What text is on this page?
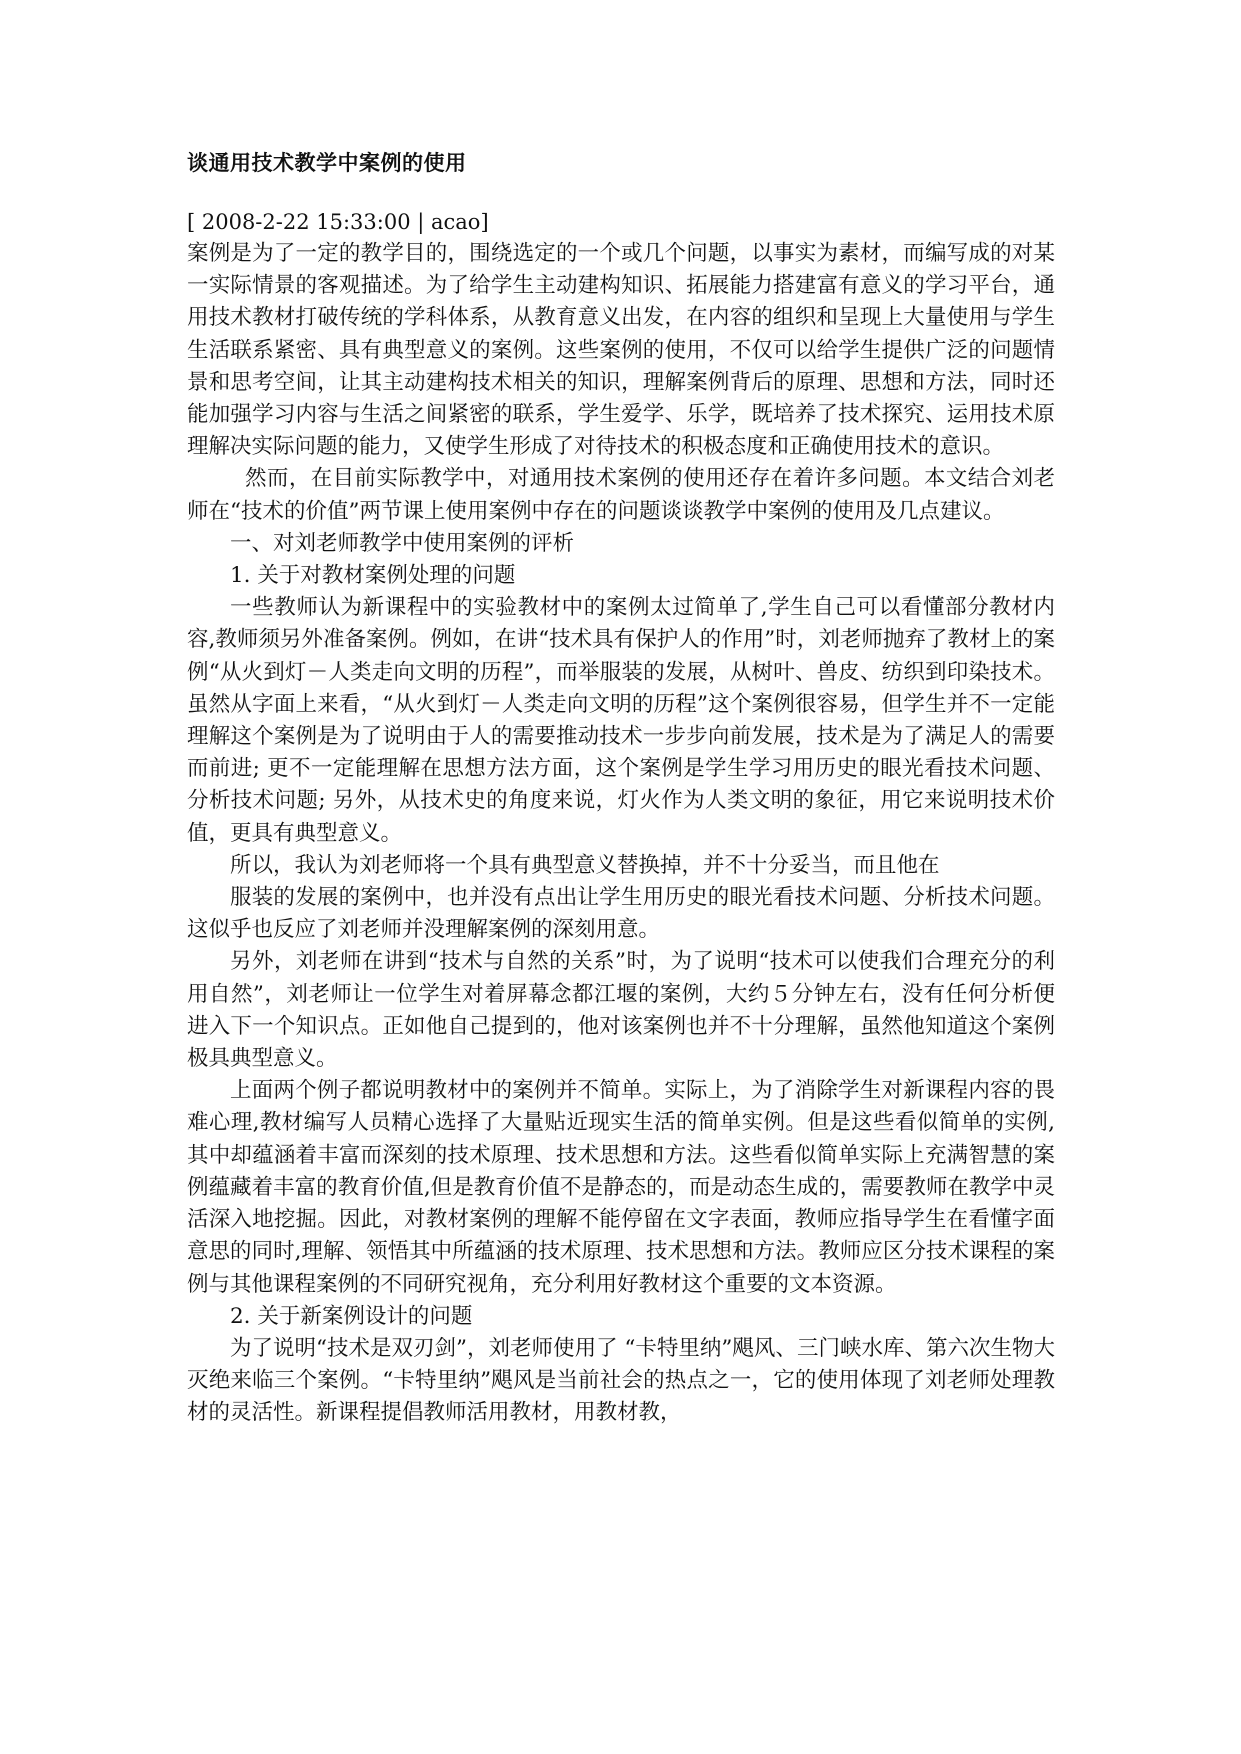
谈通用技术教学中案例的使用

[ 2008-2-22 15:33:00 | acao]

案例是为了一定的教学目的，围绕选定的一个或几个问题，以事实为素材，而编写成的对某一实际情景的客观描述。为了给学生主动建构知识、拓展能力搭建富有意义的学习平台，通用技术教材打破传统的学科体系，从教育意义出发，在内容的组织和呈现上大量使用与学生生活联系紧密、具有典型意义的案例。这些案例的使用，不仅可以给学生提供广泛的问题情景和思考空间，让其主动建构技术相关的知识，理解案例背后的原理、思想和方法，同时还能加强学习内容与生活之间紧密的联系，学生爱学、乐学，既培养了技术探究、运用技术原理解决实际问题的能力，又使学生形成了对待技术的积极态度和正确使用技术的意识。

然而，在目前实际教学中，对通用技术案例的使用还存在着许多问题。本文结合刘老师在“技术的价值”两节课上使用案例中存在的问题谈谈教学中案例的使用及几点建议。

一、对刘老师教学中使用案例的评析

1. 关于对教材案例处理的问题

一些教师认为新课程中的实验教材中的案例太过简单了,学生自己可以看懂部分教材内容,教师须另外准备案例。例如，在讲“技术具有保护人的作用”时，刘老师抛弃了教材上的案例“从火到灯－人类走向文明的历程”，而举服装的发展，从树叶、兽皮、纺织到印染技术。虽然从字面上来看，“从火到灯－人类走向文明的历程”这个案例很容易，但学生并不一定能理解这个案例是为了说明由于人的需要推动技术一步步向前发展，技术是为了满足人的需要而前进; 更不一定能理解在思想方法方面，这个案例是学生学习用历史的眼光看技术问题、分析技术问题; 另外，从技术史的角度来说，灯火作为人类文明的象征，用它来说明技术价值，更具有典型意义。

所以，我认为刘老师将一个具有典型意义替换掉，并不十分妥当，而且他在

服装的发展的案例中，也并没有点出让学生用历史的眼光看技术问题、分析技术问题。这似乎也反应了刘老师并没理解案例的深刻用意。

另外，刘老师在讲到“技术与自然的关系”时，为了说明“技术可以使我们合理充分的利用自然”，刘老师让一位学生对着屏幕念都江堰的案例，大约５分钟左右，没有任何分析便进入下一个知识点。正如他自己提到的，他对该案例也并不十分理解，虽然他知道这个案例极具典型意义。

上面两个例子都说明教材中的案例并不简单。实际上，为了消除学生对新课程内容的畏难心理,教材编写人员精心选择了大量贴近现实生活的简单实例。但是这些看似简单的实例,其中却蕴涵着丰富而深刻的技术原理、技术思想和方法。这些看似简单实际上充满智慧的案例蕴藏着丰富的教育价值,但是教育价值不是静态的，而是动态生成的，需要教师在教学中灵活深入地挖掘。因此，对教材案例的理解不能停留在文字表面，教师应指导学生在看懂字面意思的同时,理解、领悟其中所蕴涵的技术原理、技术思想和方法。教师应区分技术课程的案例与其他课程案例的不同研究视角，充分利用好教材这个重要的文本资源。

2. 关于新案例设计的问题

为了说明“技术是双刃剑”，刘老师使用了 “卡特里纳”飓风、三门峡水库、第六次生物大灭绝来临三个案例。“卡特里纳”飓风是当前社会的热点之一，它的使用体现了刘老师处理教材的灵活性。新课程提倡教师活用教材，用教材教，
